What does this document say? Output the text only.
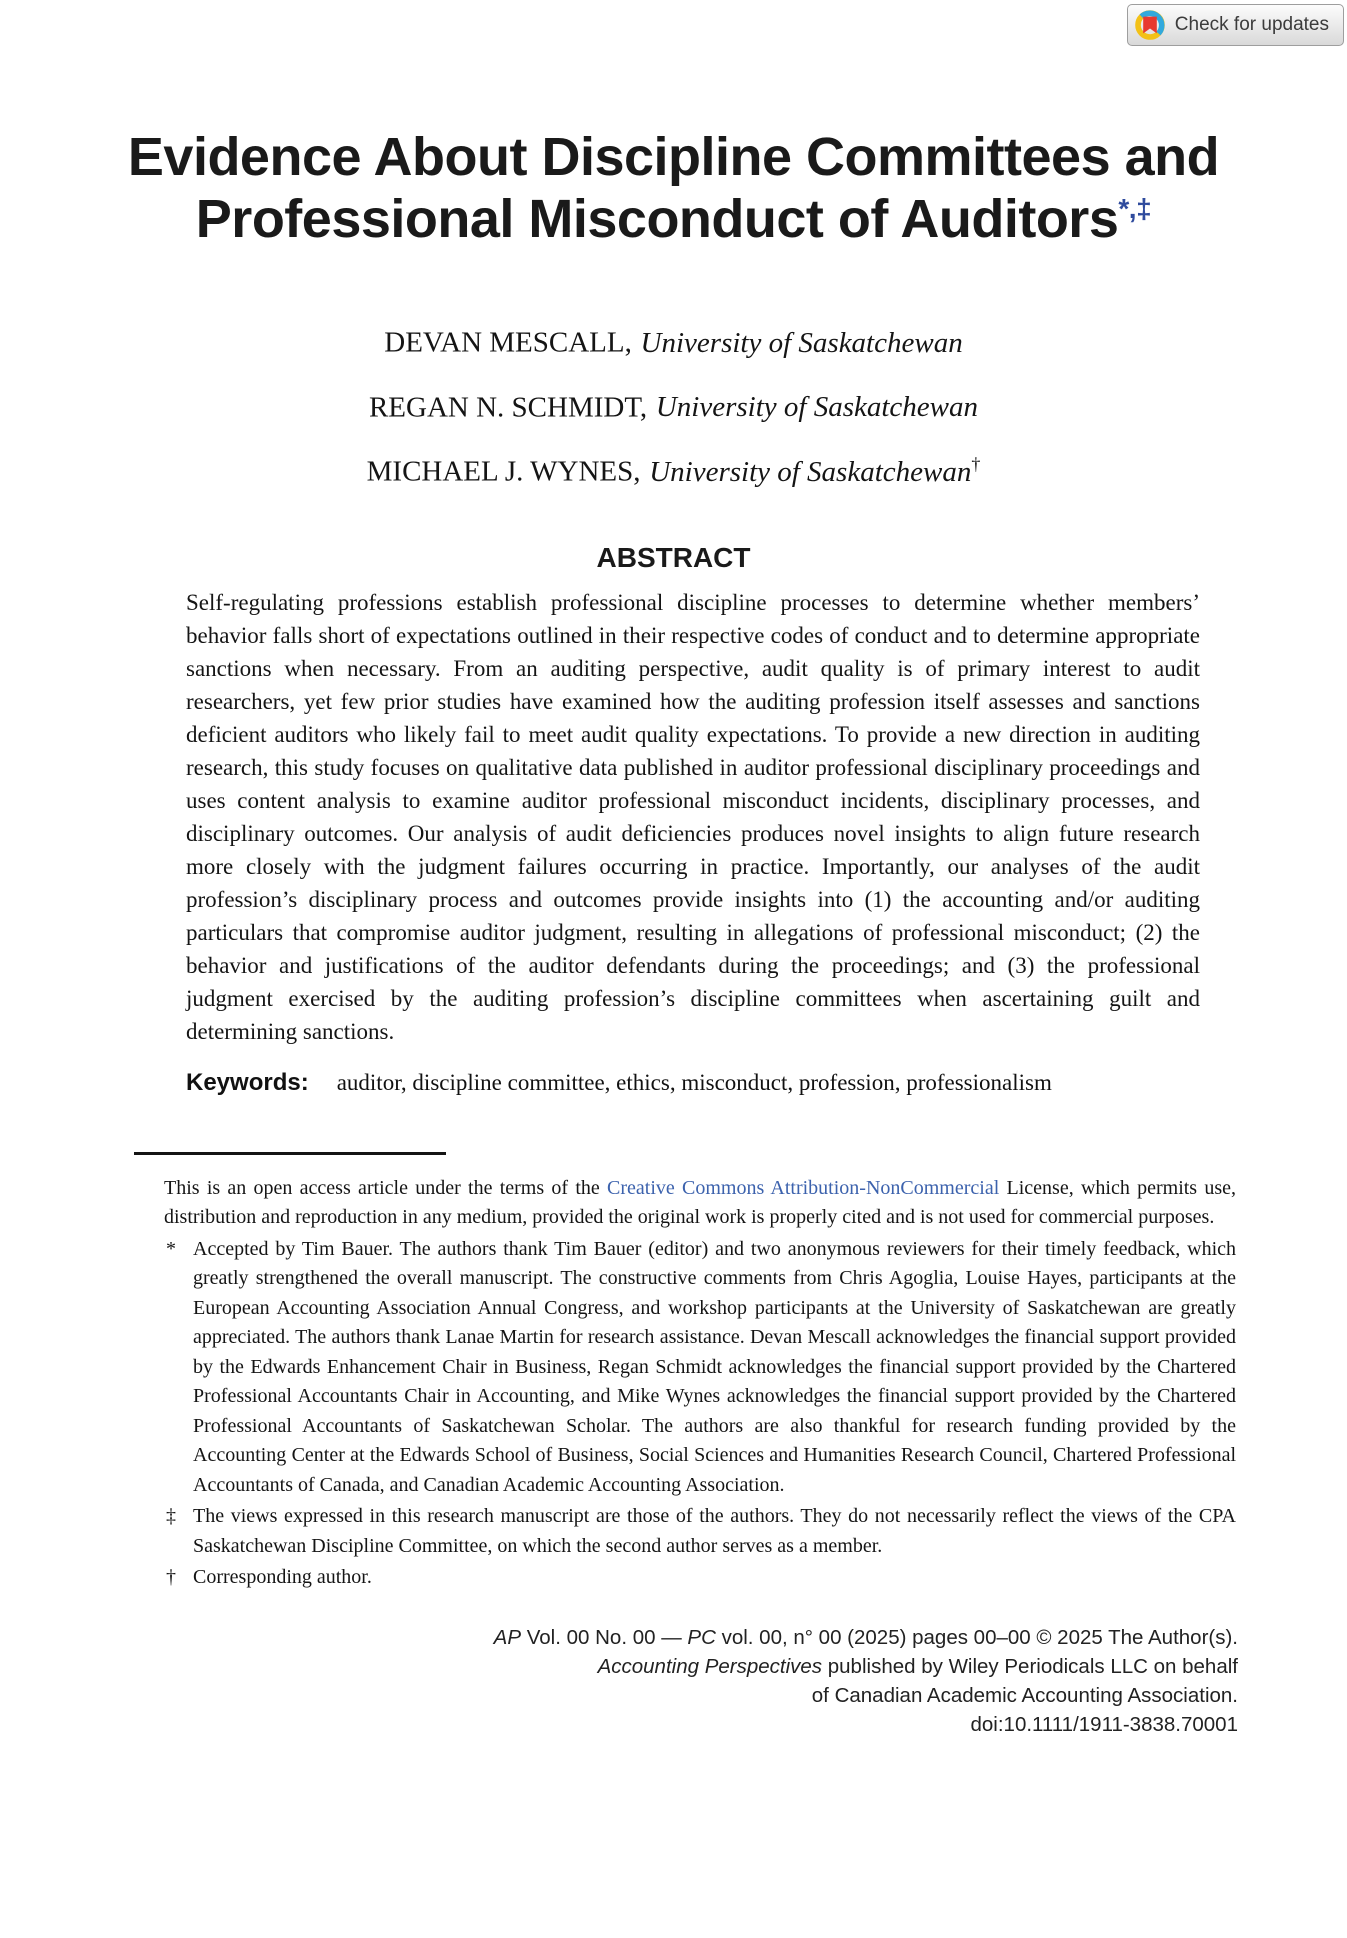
Check for updates
Evidence About Discipline Committees and
Professional Misconduct of Auditors*,‡
DEVAN MESCALL, University of Saskatchewan
REGAN N. SCHMIDT, University of Saskatchewan
MICHAEL J. WYNES, University of Saskatchewan†
ABSTRACT

Self-regulating professions establish professional discipline processes to determine whether members’ behavior falls short of expectations outlined in their respective codes of conduct and to determine appropriate sanctions when necessary. From an auditing perspective, audit quality is of primary interest to audit researchers, yet few prior studies have examined how the auditing profession itself assesses and sanctions deficient auditors who likely fail to meet audit quality expectations. To provide a new direction in auditing research, this study focuses on qualitative data published in auditor professional disciplinary proceedings and uses content analysis to examine auditor professional misconduct incidents, disciplinary processes, and disciplinary outcomes. Our analysis of audit deficiencies produces novel insights to align future research more closely with the judgment failures occurring in practice. Importantly, our analyses of the audit profession’s disciplinary process and outcomes provide insights into (1) the accounting and/or auditing particulars that compromise auditor judgment, resulting in allegations of professional misconduct; (2) the behavior and justifications of the auditor defendants during the proceedings; and (3) the professional judgment exercised by the auditing profession’s discipline committees when ascertaining guilt and determining sanctions.

Keywords: auditor, discipline committee, ethics, misconduct, profession, professionalism

This is an open access article under the terms of the Creative Commons Attribution-NonCommercial License, which permits use, distribution and reproduction in any medium, provided the original work is properly cited and is not used for commercial purposes.

* Accepted by Tim Bauer. The authors thank Tim Bauer (editor) and two anonymous reviewers for their timely feedback, which greatly strengthened the overall manuscript. The constructive comments from Chris Agoglia, Louise Hayes, participants at the European Accounting Association Annual Congress, and workshop participants at the University of Saskatchewan are greatly appreciated. The authors thank Lanae Martin for research assistance. Devan Mescall acknowledges the financial support provided by the Edwards Enhancement Chair in Business, Regan Schmidt acknowledges the financial support provided by the Chartered Professional Accountants Chair in Accounting, and Mike Wynes acknowledges the financial support provided by the Chartered Professional Accountants of Saskatchewan Scholar. The authors are also thankful for research funding provided by the Accounting Center at the Edwards School of Business, Social Sciences and Humanities Research Council, Chartered Professional Accountants of Canada, and Canadian Academic Accounting Association.
‡ The views expressed in this research manuscript are those of the authors. They do not necessarily reflect the views of the CPA Saskatchewan Discipline Committee, on which the second author serves as a member.
† Corresponding author.
AP Vol. 00 No. 00 — PC vol. 00, n° 00 (2025) pages 00–00 © 2025 The Author(s).
Accounting Perspectives published by Wiley Periodicals LLC on behalf
of Canadian Academic Accounting Association.
doi:10.1111/1911-3838.70001
